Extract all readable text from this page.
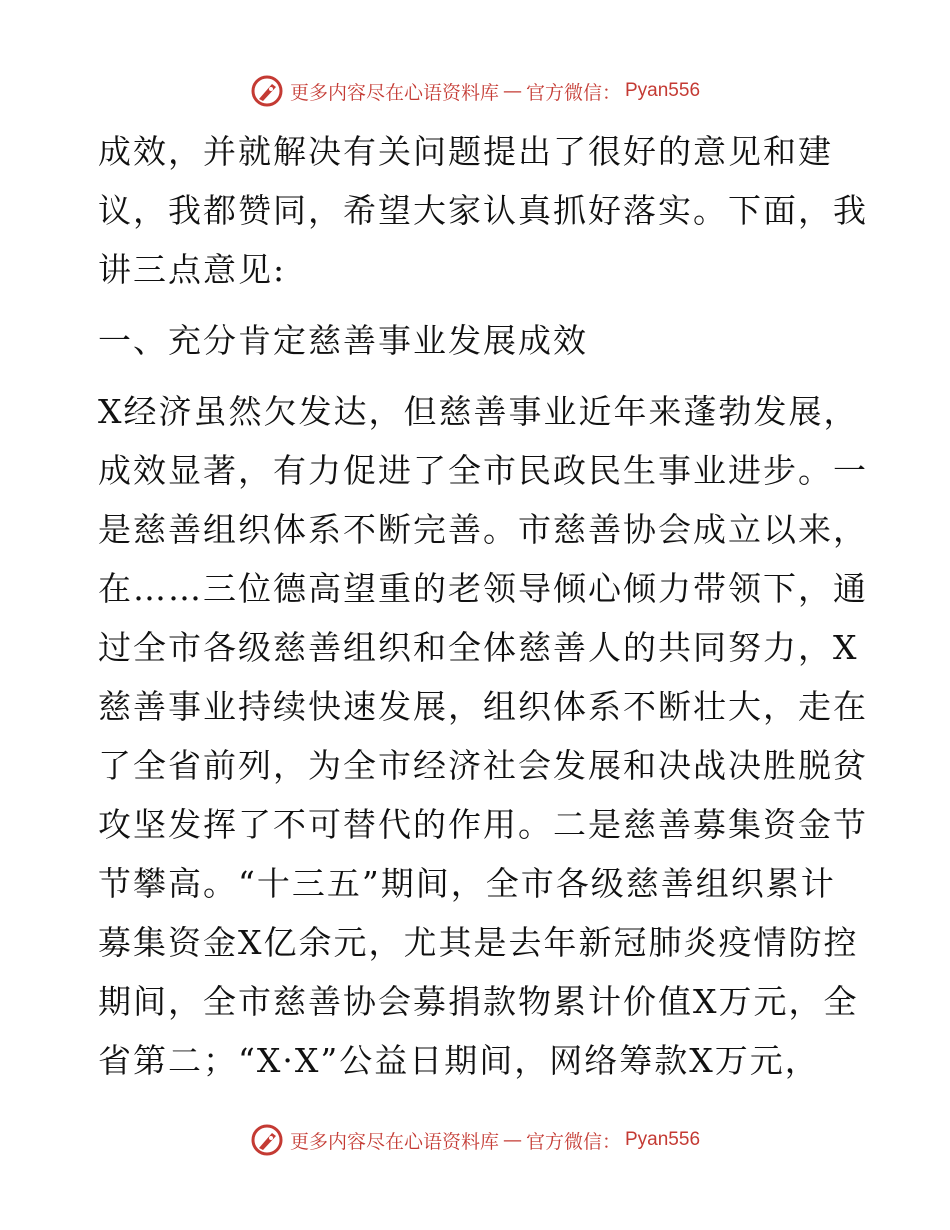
更多内容尽在心语资料库 — 官方微信： Pyan556
成效，并就解决有关问题提出了很好的意见和建
议，我都赞同，希望大家认真抓好落实。下面，我
讲三点意见:
一、充分肯定慈善事业发展成效
X经济虽然欠发达，但慈善事业近年来蓬勃发展，
成效显著，有力促进了全市民政民生事业进步。一
是慈善组织体系不断完善。市慈善协会成立以来，
在……三位德高望重的老领导倾心倾力带领下，通
过全市各级慈善组织和全体慈善人的共同努力，X
慈善事业持续快速发展，组织体系不断壮大，走在
了全省前列，为全市经济社会发展和决战决胜脱贫
攻坚发挥了不可替代的作用。二是慈善募集资金节
节攀高。“十三五”期间，全市各级慈善组织累计
募集资金X亿余元，尤其是去年新冠肺炎疫情防控
期间，全市慈善协会募捐款物累计价值X万元，全
省第二；“X·X”公益日期间，网络筹款X万元，
更多内容尽在心语资料库 — 官方微信： Pyan556
